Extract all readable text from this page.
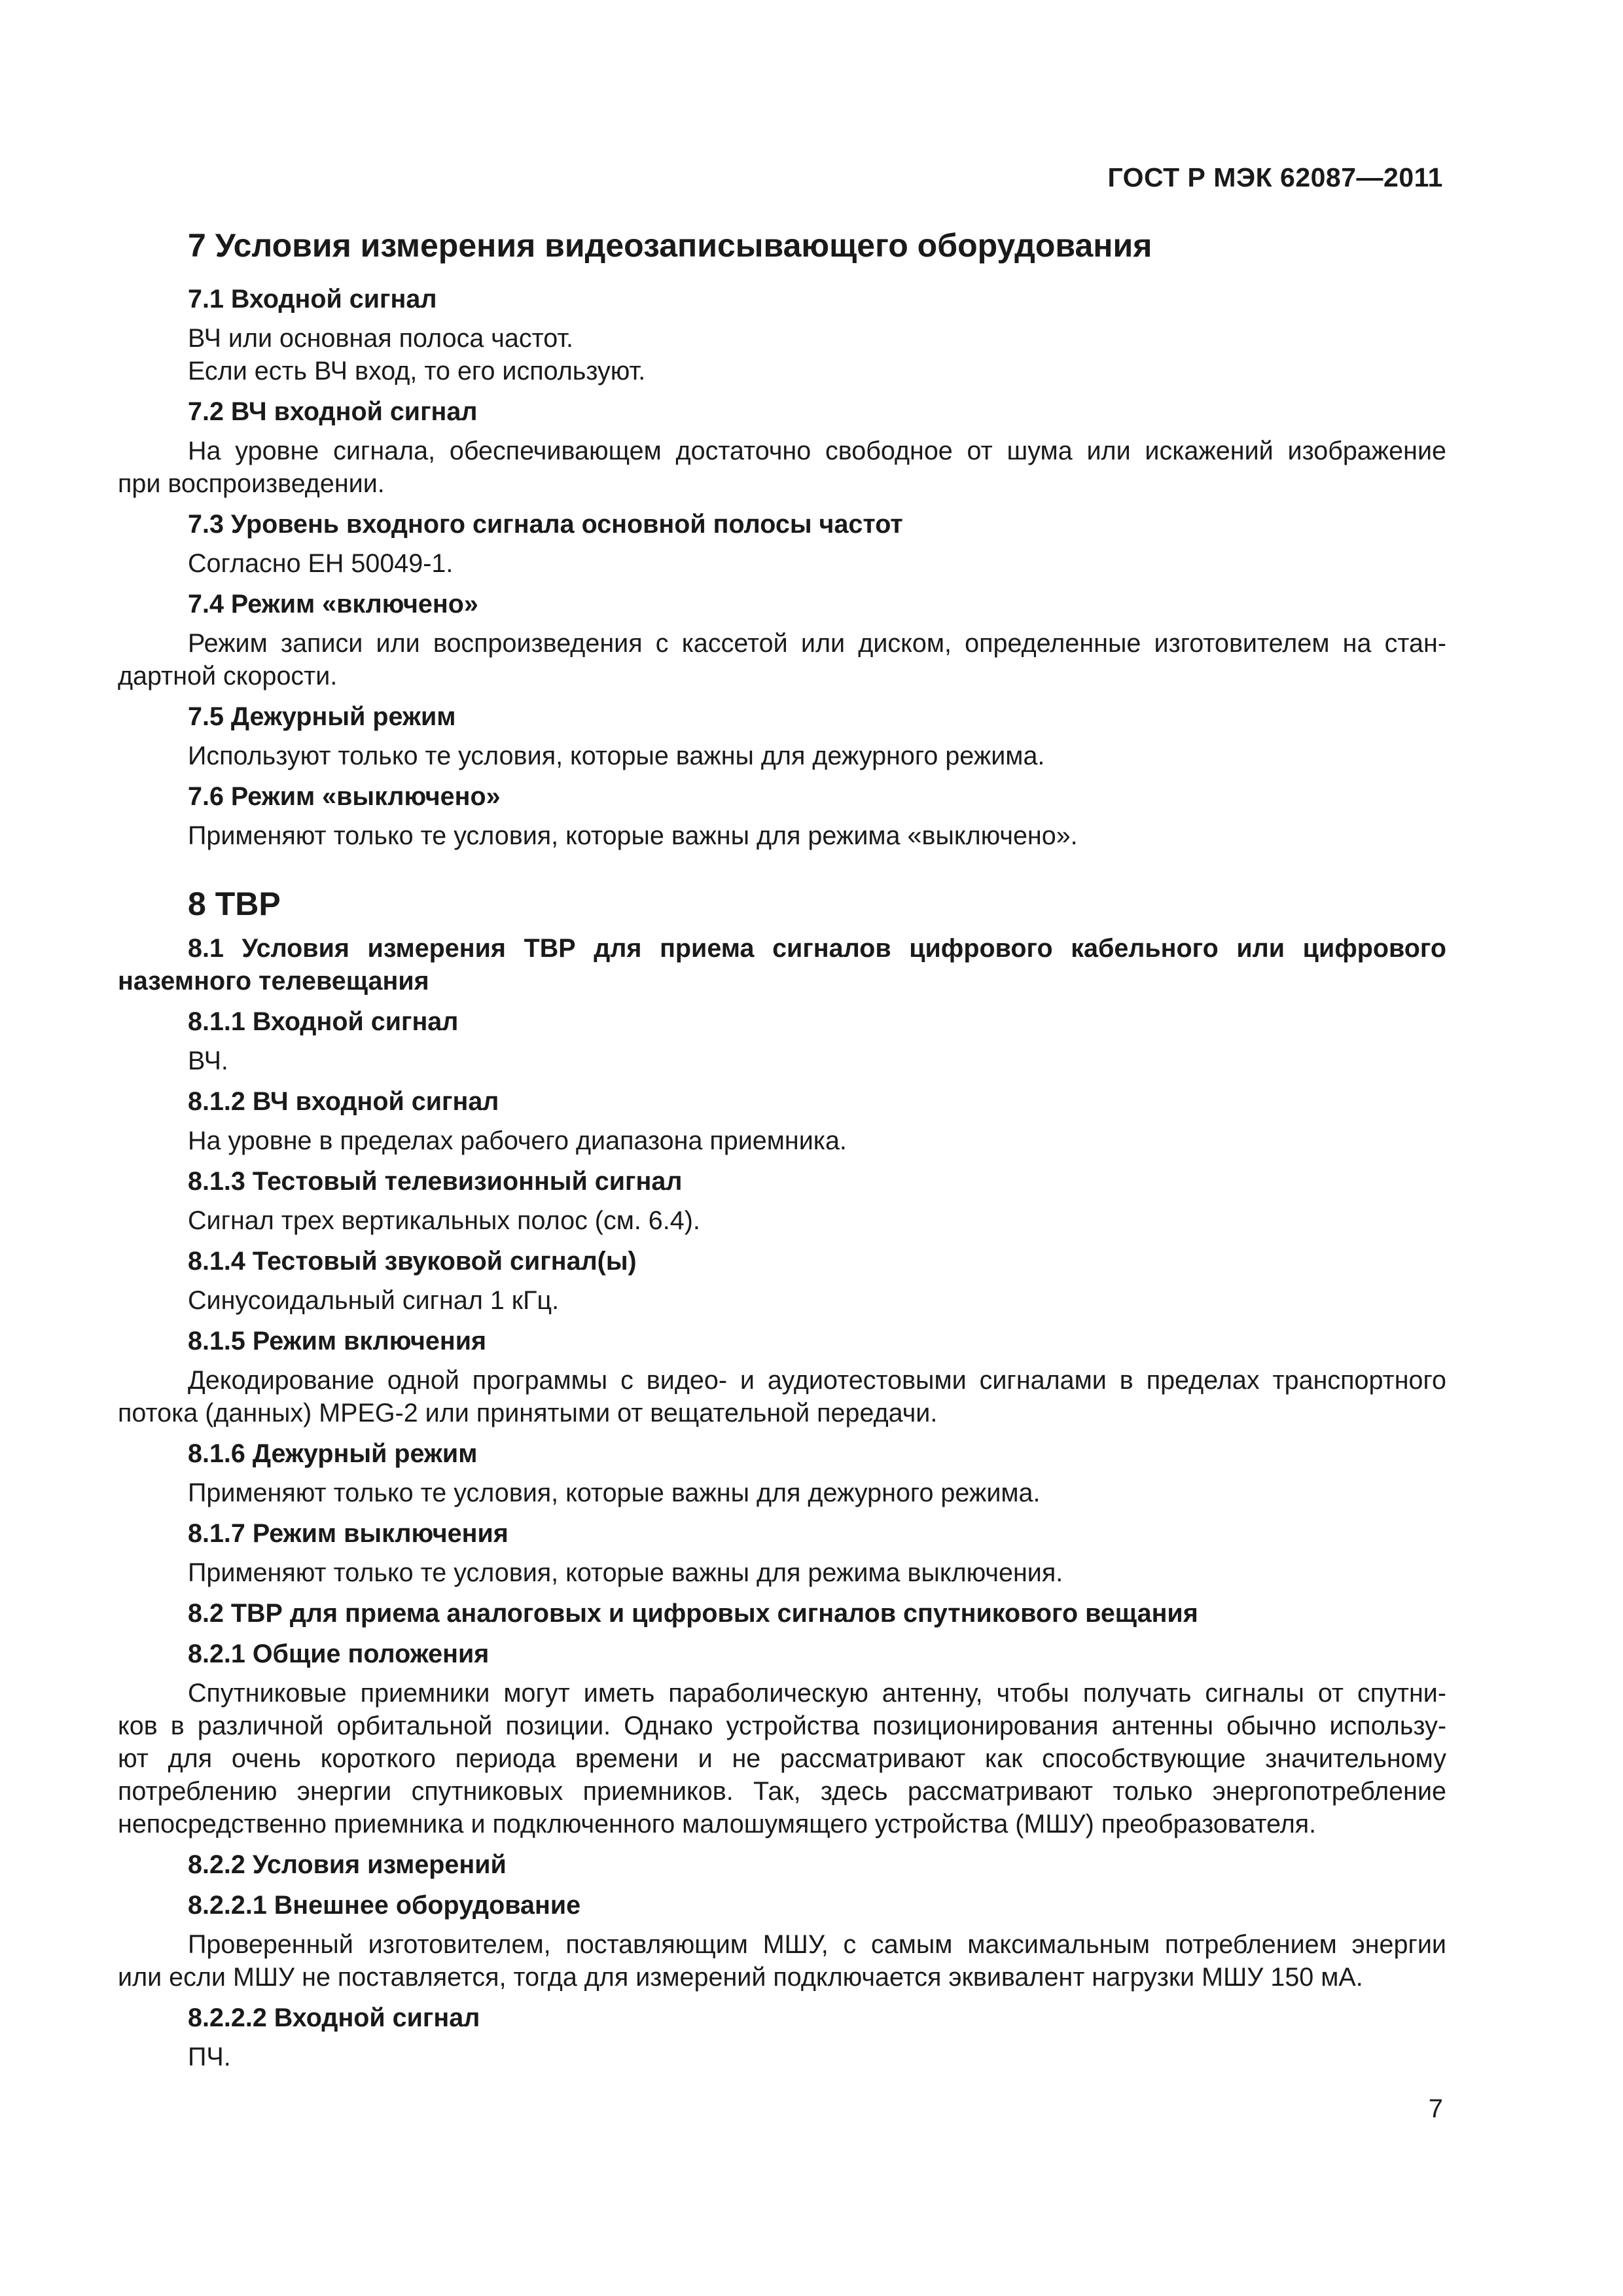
ГОСТ Р МЭК 62087—2011
7 Условия измерения видеозаписывающего оборудования
7.1 Входной сигнал
ВЧ или основная полоса частот.
Если есть ВЧ вход, то его используют.
7.2 ВЧ входной сигнал
На уровне сигнала, обеспечивающем достаточно свободное от шума или искажений изображение
при воспроизведении.
7.3 Уровень входного сигнала основной полосы частот
Согласно ЕН 50049-1.
7.4 Режим «включено»
Режим записи или воспроизведения с кассетой или диском, определенные изготовителем на стан-
дартной скорости.
7.5 Дежурный режим
Используют только те условия, которые важны для дежурного режима.
7.6 Режим «выключено»
Применяют только те условия, которые важны для режима «выключено».
8 ТВР
8.1 Условия измерения ТВР для приема сигналов цифрового кабельного или цифрового
наземного телевещания
8.1.1 Входной сигнал
ВЧ.
8.1.2 ВЧ входной сигнал
На уровне в пределах рабочего диапазона приемника.
8.1.3 Тестовый телевизионный сигнал
Сигнал трех вертикальных полос (см. 6.4).
8.1.4 Тестовый звуковой сигнал(ы)
Синусоидальный сигнал 1 кГц.
8.1.5 Режим включения
Декодирование одной программы с видео- и аудиотестовыми сигналами в пределах транспортного
потока (данных) MPEG-2 или принятыми от вещательной передачи.
8.1.6 Дежурный режим
Применяют только те условия, которые важны для дежурного режима.
8.1.7 Режим выключения
Применяют только те условия, которые важны для режима выключения.
8.2 ТВР для приема аналоговых и цифровых сигналов спутникового вещания
8.2.1 Общие положения
Спутниковые приемники могут иметь параболическую антенну, чтобы получать сигналы от спутни-
ков в различной орбитальной позиции. Однако устройства позиционирования антенны обычно использу-
ют для очень короткого периода времени и не рассматривают как способствующие значительному
потреблению энергии спутниковых приемников. Так, здесь рассматривают только энергопотребление
непосредственно приемника и подключенного малошумящего устройства (МШУ) преобразователя.
8.2.2 Условия измерений
8.2.2.1 Внешнее оборудование
Проверенный изготовителем, поставляющим МШУ, с самым максимальным потреблением энергии
или если МШУ не поставляется, тогда для измерений подключается эквивалент нагрузки МШУ 150 мА.
8.2.2.2 Входной сигнал
ПЧ.
7
